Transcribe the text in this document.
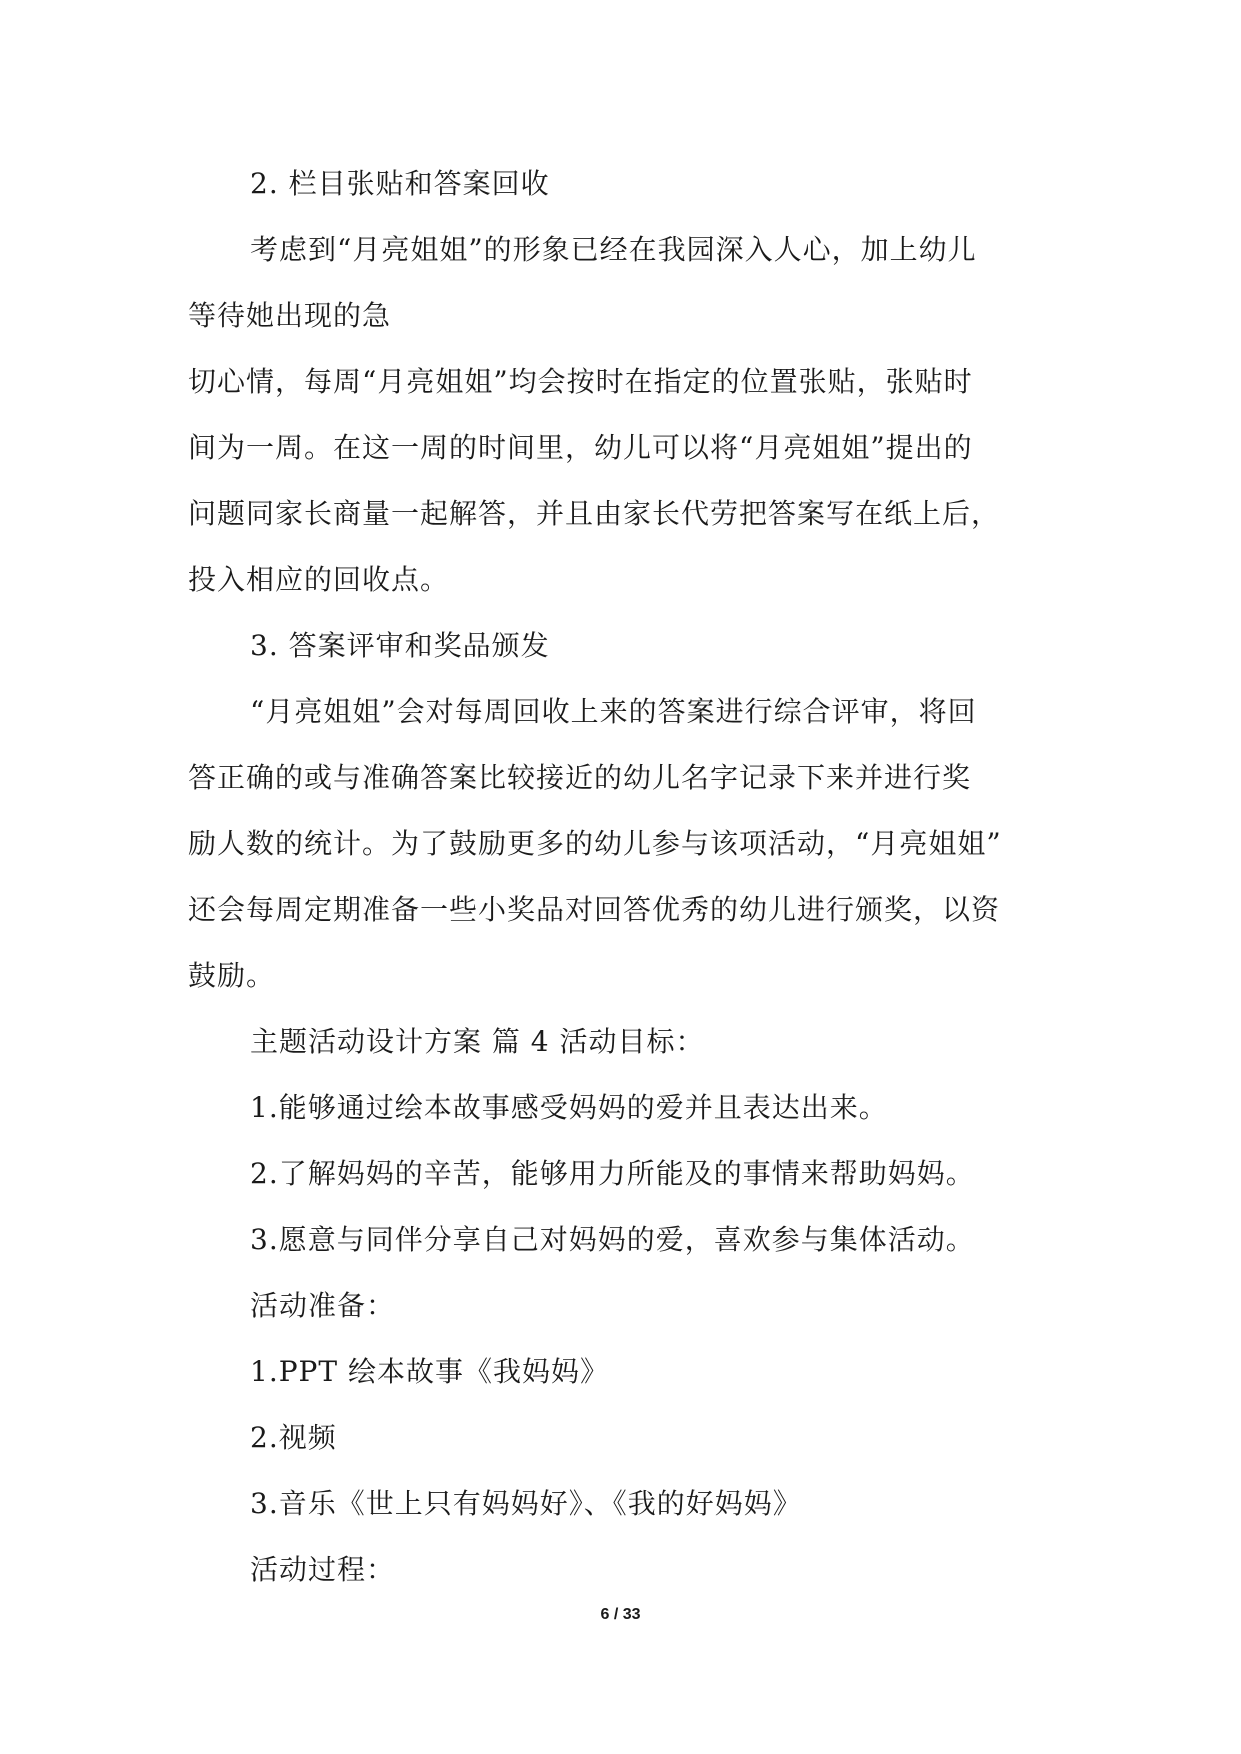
2. 栏目张贴和答案回收
考虑到“月亮姐姐”的形象已经在我园深入人心，加上幼儿
等待她出现的急
切心情，每周“月亮姐姐”均会按时在指定的位置张贴，张贴时
间为一周。在这一周的时间里，幼儿可以将“月亮姐姐”提出的
问题同家长商量一起解答，并且由家长代劳把答案写在纸上后，
投入相应的回收点。
3. 答案评审和奖品颁发
“月亮姐姐”会对每周回收上来的答案进行综合评审，将回
答正确的或与准确答案比较接近的幼儿名字记录下来并进行奖
励人数的统计。为了鼓励更多的幼儿参与该项活动，“月亮姐姐”
还会每周定期准备一些小奖品对回答优秀的幼儿进行颁奖，以资
鼓励。
主题活动设计方案 篇 4 活动目标：
1.能够通过绘本故事感受妈妈的爱并且表达出来。
2.了解妈妈的辛苦，能够用力所能及的事情来帮助妈妈。
3.愿意与同伴分享自己对妈妈的爱，喜欢参与集体活动。
活动准备：
1.PPT 绘本故事《我妈妈》
2.视频
3.音乐《世上只有妈妈好》、《我的好妈妈》
活动过程：
6 / 33
